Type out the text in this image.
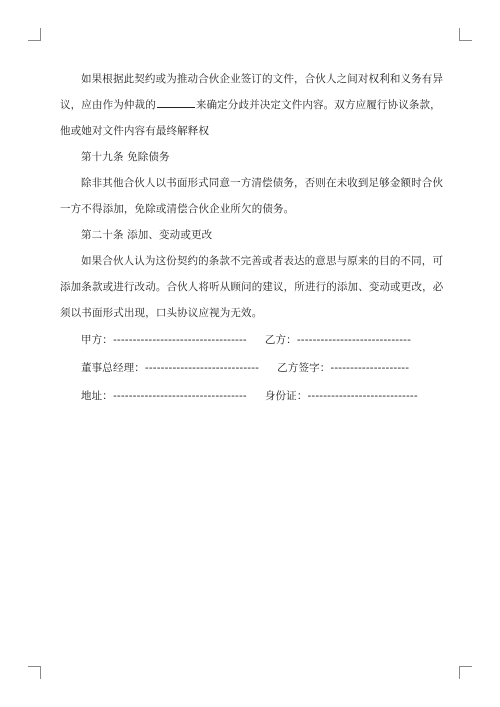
如果根据此契约或为推动合伙企业签订的文件，合伙人之间对权利和义务有异议，应由作为仲裁的	来确定分歧并决定文件内容。双方应履行协议条款，他或她对文件内容有最终解释权

第十九条 免除债务

除非其他合伙人以书面形式同意一方清偿债务，否则在未收到足够金额时合伙一方不得添加，免除或清偿合伙企业所欠的债务。

第二十条 添加、变动或更改

如果合伙人认为这份契约的条款不完善或者表达的意思与原来的目的不同，可添加条款或进行改动。合伙人将听从顾问的建议，所进行的添加、变动或更改，必须以书面形式出现，口头协议应视为无效。

甲方：---------------------------------- 乙方：-----------------------------

董事总经理：----------------------------- 乙方签字：--------------------

地址：---------------------------------- 身份证：----------------------------
